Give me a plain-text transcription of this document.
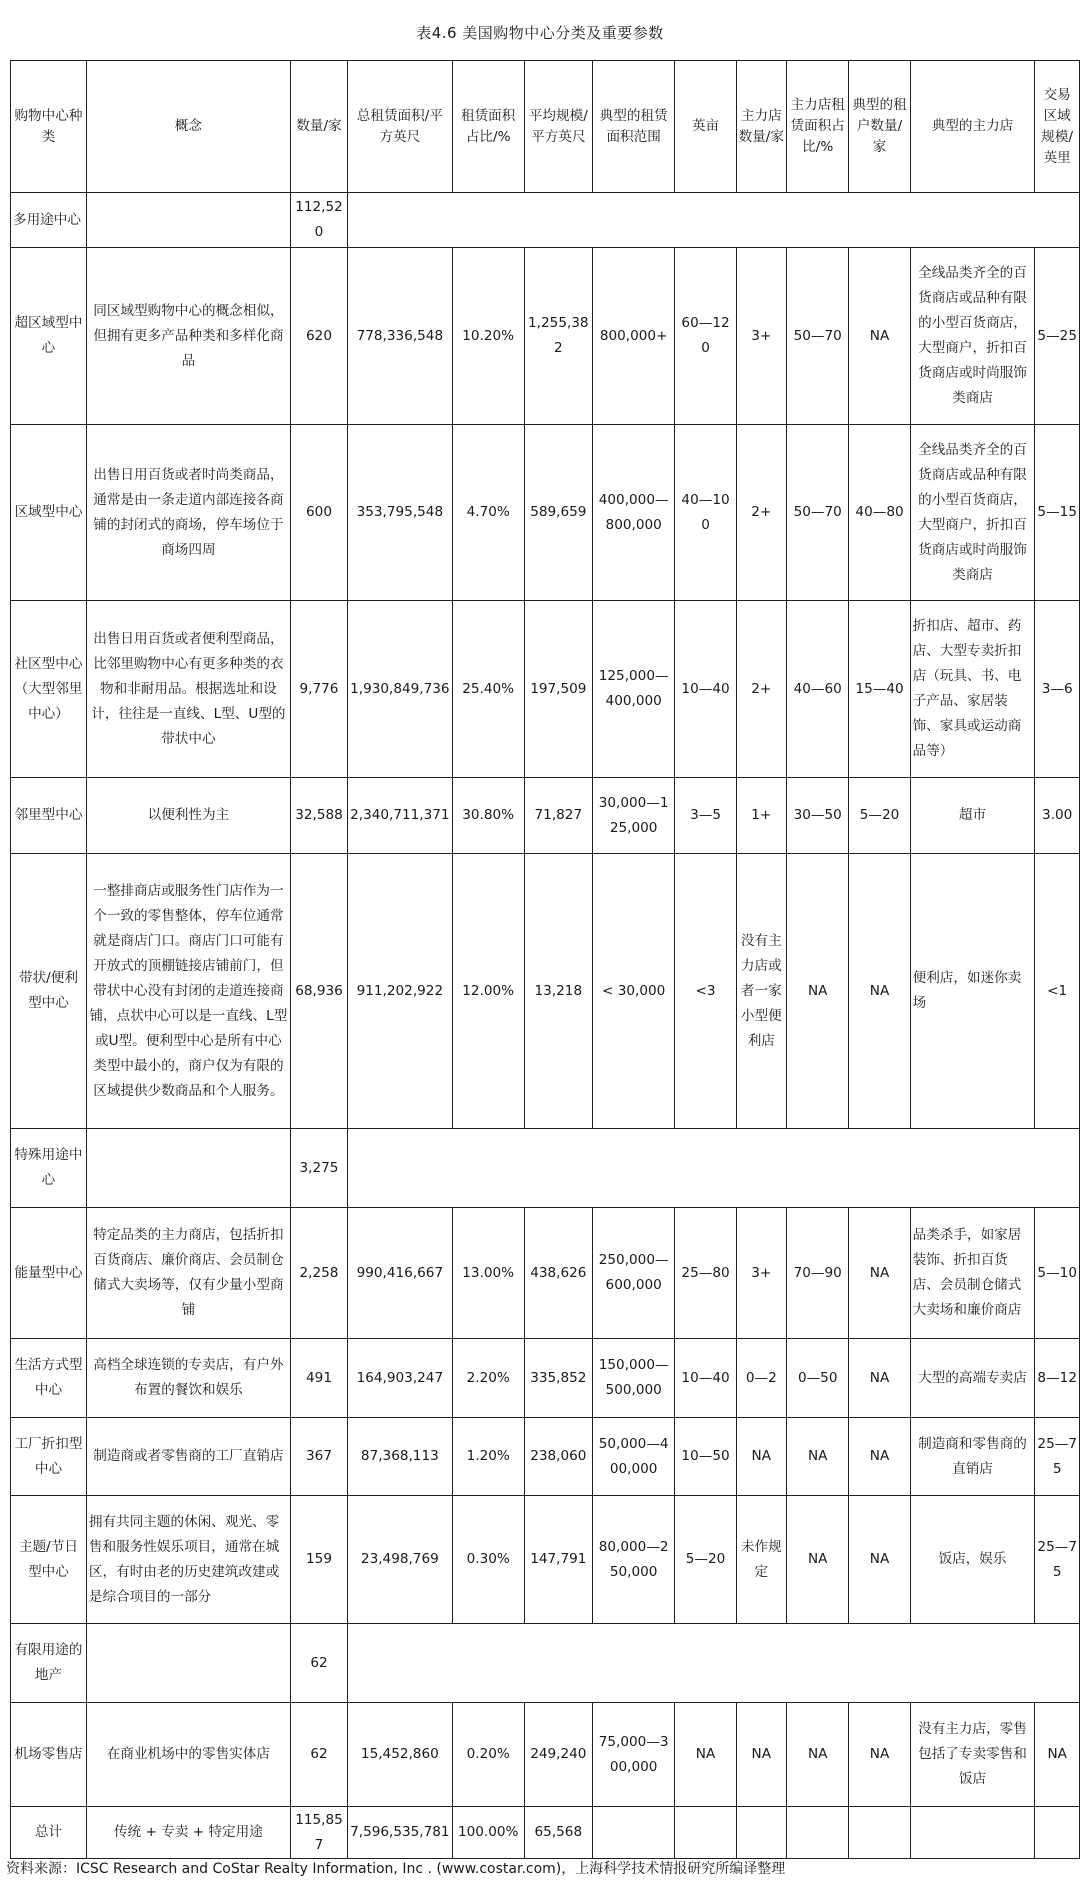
表4.6 美国购物中心分类及重要参数
购物中心种类	概念	数量/家	总租赁面积/平方英尺	租赁面积占比/%	平均规模/平方英尺	典型的租赁面积范围	英亩	主力店数量/家	主力店租赁面积占比/%	典型的租户数量/家	典型的主力店	交易区域规模/英里
多用途中心		112,520										
超区域型中心	同区域型购物中心的概念相似，但拥有更多产品种类和多样化商品	620	778,336,548	10.20%	1,255,382	800,000+	60—120	3+	50—70	NA	全线品类齐全的百货商店或品种有限的小型百货商店，大型商户，折扣百货商店或时尚服饰类商店	5—25
区域型中心	出售日用百货或者时尚类商品，通常是由一条走道内部连接各商铺的封闭式的商场，停车场位于商场四周	600	353,795,548	4.70%	589,659	400,000—800,000	40—100	2+	50—70	40—80	全线品类齐全的百货商店或品种有限的小型百货商店，大型商户，折扣百货商店或时尚服饰类商店	5—15
社区型中心（大型邻里中心）	出售日用百货或者便利型商品，比邻里购物中心有更多种类的衣物和非耐用品。根据选址和设计，往往是一直线、L型、U型的带状中心	9,776	1,930,849,736	25.40%	197,509	125,000—400,000	10—40	2+	40—60	15—40	折扣店、超市、药店、大型专卖折扣店（玩具、书、电子产品、家居装饰、家具或运动商品等）	3—6
邻里型中心	以便利性为主	32,588	2,340,711,371	30.80%	71,827	30,000—125,000	3—5	1+	30—50	5—20	超市	3.00
带状/便利型中心	一整排商店或服务性门店作为一个一致的零售整体，停车位通常就是商店门口。商店门口可能有开放式的顶棚链接店铺前门，但带状中心没有封闭的走道连接商铺，点状中心可以是一直线、L型或U型。便利型中心是所有中心类型中最小的，商户仅为有限的区域提供少数商品和个人服务。	68,936	911,202,922	12.00%	13,218	< 30,000	<3	没有主力店或者一家小型便利店	NA	NA	便利店，如迷你卖场	<1
特殊用途中心		3,275										
能量型中心	特定品类的主力商店，包括折扣百货商店、廉价商店、会员制仓储式大卖场等，仅有少量小型商铺	2,258	990,416,667	13.00%	438,626	250,000—600,000	25—80	3+	70—90	NA	品类杀手，如家居装饰、折扣百货店、会员制仓储式大卖场和廉价商店	5—10
生活方式型中心	高档全球连锁的专卖店，有户外布置的餐饮和娱乐	491	164,903,247	2.20%	335,852	150,000—500,000	10—40	0—2	0—50	NA	大型的高端专卖店	8—12
工厂折扣型中心	制造商或者零售商的工厂直销店	367	87,368,113	1.20%	238,060	50,000—400,000	10—50	NA	NA	NA	制造商和零售商的直销店	25—75
主题/节日型中心	拥有共同主题的休闲、观光、零售和服务性娱乐项目，通常在城区，有时由老的历史建筑改建或是综合项目的一部分	159	23,498,769	0.30%	147,791	80,000—250,000	5—20	未作规定	NA	NA	饭店，娱乐	25—75
有限用途的地产		62										
机场零售店	在商业机场中的零售实体店	62	15,452,860	0.20%	249,240	75,000—300,000	NA	NA	NA	NA	没有主力店，零售包括了专卖零售和饭店	NA
总计	传统 + 专卖 + 特定用途	115,857	7,596,535,781	100.00%	65,568							
资料来源：ICSC Research and CoStar Realty Information, Inc . (www.costar.com)，上海科学技术情报研究所编译整理
